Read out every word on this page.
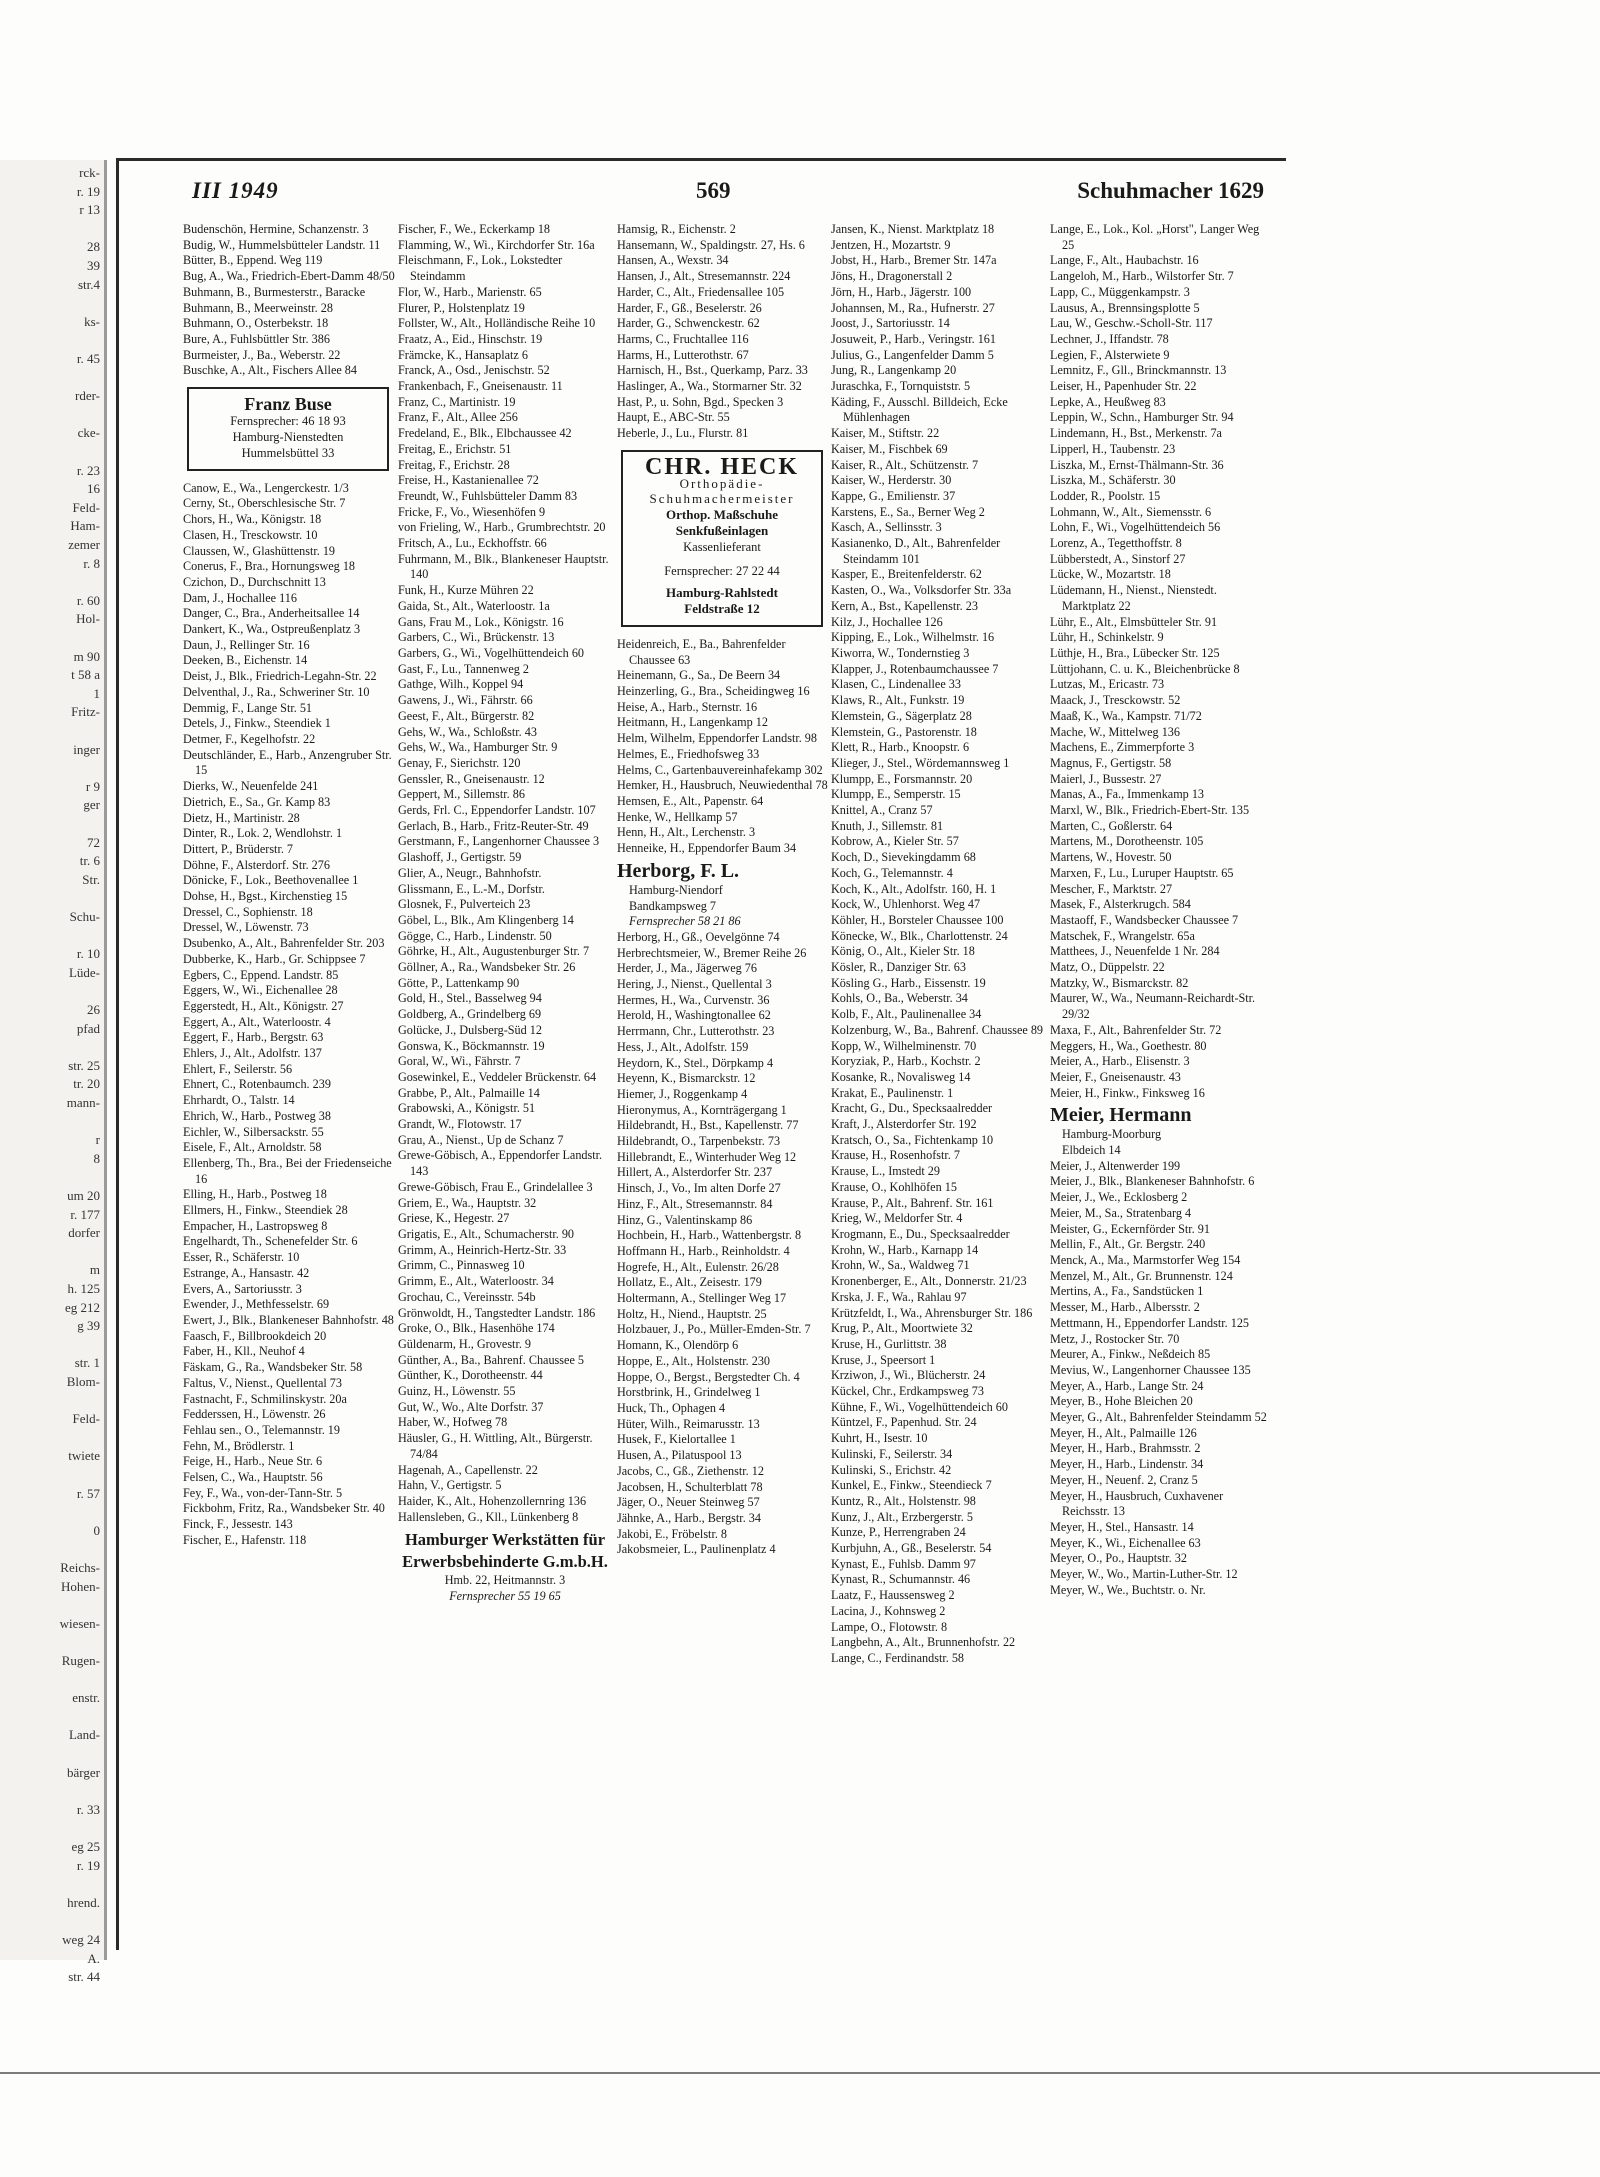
rck-
r. 19
r 13
28
39
str.4
ks-
r. 45
rder-
cke-
r. 23
16
Feld-
Ham-
zemer
r. 8
r. 60
Hol-
m 90
t 58 a
1
Fritz-
inger
r 9
ger
72
tr. 6
Str.
Schu-
r. 10
Lüde-
26
pfad
str. 25
tr. 20
mann-
r
8
um 20
r. 177
dorfer
m
h. 125
eg 212
g 39
str. 1
Blom-
Feld-
twiete
r. 57
0
Reichs-
Hohen-
wiesen-
Rugen-
enstr.
Land-
bärger
r. 33
eg 25
r. 19
hrend.
weg 24
A.
str. 44
III 1949	569	Schuhmacher 1629
Budenschön, Hermine, Schanzenstr. 3
Budig, W., Hummelsbütteler Landstr. 11
Bütter, B., Eppend. Weg 119
Bug, A., Wa., Friedrich-Ebert-Damm 48/50
Buhmann, B., Burmesterstr., Baracke
Buhmann, B., Meerweinstr. 28
Buhmann, O., Osterbekstr. 18
Bure, A., Fuhlsbüttler Str. 386
Burmeister, J., Ba., Weberstr. 22
Buschke, A., Alt., Fischers Allee 84
Franz Buse
Fernsprecher: 46 18 93
Hamburg-Nienstedten
Hummelsbüttel 33
Canow, E., Wa., Lengerckestr. 1/3
Cerny, St., Oberschlesische Str. 7
Chors, H., Wa., Königstr. 18
Clasen, H., Tresckowstr. 10
Claussen, W., Glashüttenstr. 19
Conerus, F., Bra., Hornungsweg 18
Czichon, D., Durchschnitt 13
Dam, J., Hochallee 116
Danger, C., Bra., Anderheitsallee 14
Dankert, K., Wa., Ostpreußenplatz 3
Daun, J., Rellinger Str. 16
Deeken, B., Eichenstr. 14
Deist, J., Blk., Friedrich-Legahn-Str. 22
Delventhal, J., Ra., Schweriner Str. 10
Demmig, F., Lange Str. 51
Detels, J., Finkw., Steendiek 1
Detmer, F., Kegelhofstr. 22
Deutschländer, E., Harb., Anzengruber Str. 15
Dierks, W., Neuenfelde 241
Dietrich, E., Sa., Gr. Kamp 83
Dietz, H., Martinistr. 28
Dinter, R., Lok. 2, Wendlohstr. 1
Dittert, P., Brüderstr. 7
Döhne, F., Alsterdorf. Str. 276
Dönicke, F., Lok., Beethovenallee 1
Dohse, H., Bgst., Kirchenstieg 15
Dressel, C., Sophienstr. 18
Dressel, W., Löwenstr. 73
Dsubenko, A., Alt., Bahrenfelder Str. 203
Dubberke, K., Harb., Gr. Schippsee 7
Egbers, C., Eppend. Landstr. 85
Eggers, W., Wi., Eichenallee 28
Eggerstedt, H., Alt., Königstr. 27
Eggert, A., Alt., Waterloostr. 4
Eggert, F., Harb., Bergstr. 63
Ehlers, J., Alt., Adolfstr. 137
Ehlert, F., Seilerstr. 56
Ehnert, C., Rotenbaumch. 239
Ehrhardt, O., Talstr. 14
Ehrich, W., Harb., Postweg 38
Eichler, W., Silbersackstr. 55
Eisele, F., Alt., Arnoldstr. 58
Ellenberg, Th., Bra., Bei der Friedenseiche 16
Elling, H., Harb., Postweg 18
Ellmers, H., Finkw., Steendiek 28
Empacher, H., Lastropsweg 8
Engelhardt, Th., Schenefelder Str. 6
Esser, R., Schäferstr. 10
Estrange, A., Hansastr. 42
Evers, A., Sartoriusstr. 3
Ewender, J., Methfesselstr. 69
Ewert, J., Blk., Blankeneser Bahnhofstr. 48
Faasch, F., Billbrookdeich 20
Faber, H., Kll., Neuhof 4
Fäskam, G., Ra., Wandsbeker Str. 58
Faltus, V., Nienst., Quellental 73
Fastnacht, F., Schmilinskystr. 20a
Fedderssen, H., Löwenstr. 26
Fehlau sen., O., Telemannstr. 19
Fehn, M., Brödlerstr. 1
Feige, H., Harb., Neue Str. 6
Felsen, C., Wa., Hauptstr. 56
Fey, F., Wa., von-der-Tann-Str. 5
Fickbohm, Fritz, Ra., Wandsbeker Str. 40
Finck, F., Jessestr. 143
Fischer, E., Hafenstr. 118
Fischer, F., We., Eckerkamp 18
Flamming, W., Wi., Kirchdorfer Str. 16a
Fleischmann, F., Lok., Lokstedter Steindamm
Flor, W., Harb., Marienstr. 65
Flurer, P., Holstenplatz 19
Follster, W., Alt., Holländische Reihe 10
Fraatz, A., Eid., Hinschstr. 19
Främcke, K., Hansaplatz 6
Franck, A., Osd., Jenischstr. 52
Frankenbach, F., Gneisenaustr. 11
Franz, C., Martinistr. 19
Franz, F., Alt., Allee 256
Fredeland, E., Blk., Elbchaussee 42
Freitag, E., Erichstr. 51
Freitag, F., Erichstr. 28
Freise, H., Kastanienallee 72
Freundt, W., Fuhlsbütteler Damm 83
Fricke, F., Vo., Wiesenhöfen 9
von Frieling, W., Harb., Grumbrechtstr. 20
Fritsch, A., Lu., Eckhoffstr. 66
Fuhrmann, M., Blk., Blankeneser Hauptstr. 140
Funk, H., Kurze Mühren 22
Gaida, St., Alt., Waterloostr. 1a
Gans, Frau M., Lok., Königstr. 16
Garbers, C., Wi., Brückenstr. 13
Garbers, G., Wi., Vogelhüttendeich 60
Gast, F., Lu., Tannenweg 2
Gathge, Wilh., Koppel 94
Gawens, J., Wi., Fährstr. 66
Geest, F., Alt., Bürgerstr. 82
Gehs, W., Wa., Schloßstr. 43
Gehs, W., Wa., Hamburger Str. 9
Genay, F., Sierichstr. 120
Genssler, R., Gneisenaustr. 12
Geppert, M., Sillemstr. 86
Gerds, Frl. C., Eppendorfer Landstr. 107
Gerlach, B., Harb., Fritz-Reuter-Str. 49
Gerstmann, F., Langenhorner Chaussee 3
Glashoff, J., Gertigstr. 59
Glier, A., Neugr., Bahnhofstr.
Glissmann, E., L.-M., Dorfstr.
Glosnek, F., Pulverteich 23
Göbel, L., Blk., Am Klingenberg 14
Gögge, C., Harb., Lindenstr. 50
Göhrke, H., Alt., Augustenburger Str. 7
Göllner, A., Ra., Wandsbeker Str. 26
Götte, P., Lattenkamp 90
Gold, H., Stel., Basselweg 94
Goldberg, A., Grindelberg 69
Golücke, J., Dulsberg-Süd 12
Gonswa, K., Böckmannstr. 19
Goral, W., Wi., Fährstr. 7
Gosewinkel, E., Veddeler Brückenstr. 64
Grabbe, P., Alt., Palmaille 14
Grabowski, A., Königstr. 51
Grandt, W., Flotowstr. 17
Grau, A., Nienst., Up de Schanz 7
Grewe-Göbisch, A., Eppendorfer Landstr. 143
Grewe-Göbisch, Frau E., Grindelallee 3
Griem, E., Wa., Hauptstr. 32
Griese, K., Hegestr. 27
Grigatis, E., Alt., Schumacherstr. 90
Grimm, A., Heinrich-Hertz-Str. 33
Grimm, C., Pinnasweg 10
Grimm, E., Alt., Waterloostr. 34
Grochau, C., Vereinsstr. 54b
Grönwoldt, H., Tangstedter Landstr. 186
Groke, O., Blk., Hasenhöhe 174
Güldenarm, H., Grovestr. 9
Günther, A., Ba., Bahrenf. Chaussee 5
Günther, K., Dorotheenstr. 44
Guinz, H., Löwenstr. 55
Gut, W., Wo., Alte Dorfstr. 37
Haber, W., Hofweg 78
Häusler, G., H. Wittling, Alt., Bürgerstr. 74/84
Hagenah, A., Capellenstr. 22
Hahn, V., Gertigstr. 5
Haider, K., Alt., Hohenzollernring 136
Hallensleben, G., Kll., Lünkenberg 8
Hamburger Werkstätten für Erwerbsbehinderte G.m.b.H.
Hmb. 22, Heitmannstr. 3
Fernsprecher 55 19 65
Hamsig, R., Eichenstr. 2
Hansemann, W., Spaldingstr. 27, Hs. 6
Hansen, A., Wexstr. 34
Hansen, J., Alt., Stresemannstr. 224
Harder, C., Alt., Friedensallee 105
Harder, F., Gß., Beselerstr. 26
Harder, G., Schwenckestr. 62
Harms, C., Fruchtallee 116
Harms, H., Lutterothstr. 67
Harnisch, H., Bst., Querkamp, Parz. 33
Haslinger, A., Wa., Stormarner Str. 32
Hast, P., u. Sohn, Bgd., Specken 3
Haupt, E., ABC-Str. 55
Heberle, J., Lu., Flurstr. 81
CHR. HECK
Orthopädie-
Schuhmachermeister
Orthop. Maßschuhe
Senkfußeinlagen
Kassenlieferant
Fernsprecher: 27 22 44
Hamburg-Rahlstedt
Feldstraße 12
Heidenreich, E., Ba., Bahrenfelder Chaussee 63
Heinemann, G., Sa., De Beern 34
Heinzerling, G., Bra., Scheidingweg 16
Heise, A., Harb., Sternstr. 16
Heitmann, H., Langenkamp 12
Helm, Wilhelm, Eppendorfer Landstr. 98
Helmes, E., Friedhofsweg 33
Helms, C., Gartenbauvereinhafekamp 302
Hemker, H., Hausbruch, Neuwiedenthal 78
Hemsen, E., Alt., Papenstr. 64
Henke, W., Hellkamp 57
Henn, H., Alt., Lerchenstr. 3
Henneike, H., Eppendorfer Baum 34
Herborg, F. L.
Hamburg-Niendorf
Bandkampsweg 7
Fernsprecher 58 21 86
Herborg, H., Gß., Oevelgönne 74
Herbrechtsmeier, W., Bremer Reihe 26
Herder, J., Ma., Jägerweg 76
Hering, J., Nienst., Quellental 3
Hermes, H., Wa., Curvenstr. 36
Herold, H., Washingtonallee 62
Herrmann, Chr., Lutterothstr. 23
Hess, J., Alt., Adolfstr. 159
Heydorn, K., Stel., Dörpkamp 4
Heyenn, K., Bismarckstr. 12
Hiemer, J., Roggenkamp 4
Hieronymus, A., Kornträgergang 1
Hildebrandt, H., Bst., Kapellenstr. 77
Hildebrandt, O., Tarpenbekstr. 73
Hillebrandt, E., Winterhuder Weg 12
Hillert, A., Alsterdorfer Str. 237
Hinsch, J., Vo., Im alten Dorfe 27
Hinz, F., Alt., Stresemannstr. 84
Hinz, G., Valentinskamp 86
Hochbein, H., Harb., Wattenbergstr. 8
Hoffmann H., Harb., Reinholdstr. 4
Hogrefe, H., Alt., Eulenstr. 26/28
Hollatz, E., Alt., Zeisestr. 179
Holtermann, A., Stellinger Weg 17
Holtz, H., Niend., Hauptstr. 25
Holzbauer, J., Po., Müller-Emden-Str. 7
Homann, K., Olendörp 6
Hoppe, E., Alt., Holstenstr. 230
Hoppe, O., Bergst., Bergstedter Ch. 4
Horstbrink, H., Grindelweg 1
Huck, Th., Ophagen 4
Hüter, Wilh., Reimarusstr. 13
Husek, F., Kielortallee 1
Husen, A., Pilatuspool 13
Jacobs, C., Gß., Ziethenstr. 12
Jacobsen, H., Schulterblatt 78
Jäger, O., Neuer Steinweg 57
Jähnke, A., Harb., Bergstr. 34
Jakobi, E., Fröbelstr. 8
Jakobsmeier, L., Paulinenplatz 4
Jansen, K., Nienst. Marktplatz 18
Jentzen, H., Mozartstr. 9
Jobst, H., Harb., Bremer Str. 147a
Jöns, H., Dragonerstall 2
Jörn, H., Harb., Jägerstr. 100
Johannsen, M., Ra., Hufnerstr. 27
Joost, J., Sartoriusstr. 14
Josuweit, P., Harb., Veringstr. 161
Julius, G., Langenfelder Damm 5
Jung, R., Langenkamp 20
Juraschka, F., Tornquiststr. 5
Käding, F., Ausschl. Billdeich, Ecke Mühlenhagen
Kaiser, M., Stiftstr. 22
Kaiser, M., Fischbek 69
Kaiser, R., Alt., Schützenstr. 7
Kaiser, W., Herderstr. 30
Kappe, G., Emilienstr. 37
Karstens, E., Sa., Berner Weg 2
Kasch, A., Sellinsstr. 3
Kasianenko, D., Alt., Bahrenfelder Steindamm 101
Kasper, E., Breitenfelderstr. 62
Kasten, O., Wa., Volksdorfer Str. 33a
Kern, A., Bst., Kapellenstr. 23
Kilz, J., Hochallee 126
Kipping, E., Lok., Wilhelmstr. 16
Kiworra, W., Tondernstieg 3
Klapper, J., Rotenbaumchaussee 7
Klasen, C., Lindenallee 33
Klaws, R., Alt., Funkstr. 19
Klemstein, G., Sägerplatz 28
Klemstein, G., Pastorenstr. 18
Klett, R., Harb., Knoopstr. 6
Klieger, J., Stel., Wördemannsweg 1
Klumpp, E., Forsmannstr. 20
Klumpp, E., Semperstr. 15
Knittel, A., Cranz 57
Knuth, J., Sillemstr. 81
Kobrow, A., Kieler Str. 57
Koch, D., Sievekingdamm 68
Koch, G., Telemannstr. 4
Koch, K., Alt., Adolfstr. 160, H. 1
Kock, W., Uhlenhorst. Weg 47
Köhler, H., Borsteler Chaussee 100
Könecke, W., Blk., Charlottenstr. 24
König, O., Alt., Kieler Str. 18
Kösler, R., Danziger Str. 63
Kösling G., Harb., Eissenstr. 19
Kohls, O., Ba., Weberstr. 34
Kolb, F., Alt., Paulinenallee 34
Kolzenburg, W., Ba., Bahrenf. Chaussee 89
Kopp, W., Wilhelminenstr. 70
Koryziak, P., Harb., Kochstr. 2
Kosanke, R., Novalisweg 14
Krakat, E., Paulinenstr. 1
Kracht, G., Du., Specksaalredder
Kraft, J., Alsterdorfer Str. 192
Kratsch, O., Sa., Fichtenkamp 10
Krause, H., Rosenhofstr. 7
Krause, L., Imstedt 29
Krause, O., Kohlhöfen 15
Krause, P., Alt., Bahrenf. Str. 161
Krieg, W., Meldorfer Str. 4
Krogmann, E., Du., Specksaalredder
Krohn, W., Harb., Karnapp 14
Krohn, W., Sa., Waldweg 71
Kronenberger, E., Alt., Donnerstr. 21/23
Krska, J. F., Wa., Rahlau 97
Krützfeldt, I., Wa., Ahrensburger Str. 186
Krug, P., Alt., Moortwiete 32
Kruse, H., Gurlittstr. 38
Kruse, J., Speersort 1
Krziwon, J., Wi., Blücherstr. 24
Kückel, Chr., Erdkampsweg 73
Kühne, F., Wi., Vogelhüttendeich 60
Küntzel, F., Papenhud. Str. 24
Kuhrt, H., Isestr. 10
Kulinski, F., Seilerstr. 34
Kulinski, S., Erichstr. 42
Kunkel, E., Finkw., Steendieck 7
Kuntz, R., Alt., Holstenstr. 98
Kunz, J., Alt., Erzbergerstr. 5
Kunze, P., Herrengraben 24
Kurbjuhn, A., Gß., Beselerstr. 54
Kynast, E., Fuhlsb. Damm 97
Kynast, R., Schumannstr. 46
Laatz, F., Haussensweg 2
Lacina, J., Kohnsweg 2
Lampe, O., Flotowstr. 8
Langbehn, A., Alt., Brunnenhofstr. 22
Lange, C., Ferdinandstr. 58
Lange, E., Lok., Kol. „Horst", Langer Weg 25
Lange, F., Alt., Haubachstr. 16
Langeloh, M., Harb., Wilstorfer Str. 7
Lapp, C., Müggenkampstr. 3
Lausus, A., Brennsingsplotte 5
Lau, W., Geschw.-Scholl-Str. 117
Lechner, J., Iffandstr. 78
Legien, F., Alsterwiete 9
Lemnitz, F., Gll., Brinckmannstr. 13
Leiser, H., Papenhuder Str. 22
Lepke, A., Heußweg 83
Leppin, W., Schn., Hamburger Str. 94
Lindemann, H., Bst., Merkenstr. 7a
Lipperl, H., Taubenstr. 23
Liszka, M., Ernst-Thälmann-Str. 36
Liszka, M., Schäferstr. 30
Lodder, R., Poolstr. 15
Lohmann, W., Alt., Siemensstr. 6
Lohn, F., Wi., Vogelhüttendeich 56
Lorenz, A., Tegetthoffstr. 8
Lübberstedt, A., Sinstorf 27
Lücke, W., Mozartstr. 18
Lüdemann, H., Nienst., Nienstedt. Marktplatz 22
Lühr, E., Alt., Elmsbütteler Str. 91
Lühr, H., Schinkelstr. 9
Lüthje, H., Bra., Lübecker Str. 125
Lüttjohann, C. u. K., Bleichenbrücke 8
Lutzas, M., Ericastr. 73
Maack, J., Tresckowstr. 52
Maaß, K., Wa., Kampstr. 71/72
Mache, W., Mittelweg 136
Machens, E., Zimmerpforte 3
Magnus, F., Gertigstr. 58
Maierl, J., Bussestr. 27
Manas, A., Fa., Immenkamp 13
Marxl, W., Blk., Friedrich-Ebert-Str. 135
Marten, C., Goßlerstr. 64
Martens, M., Dorotheenstr. 105
Martens, W., Hovestr. 50
Marxen, F., Lu., Luruper Hauptstr. 65
Mescher, F., Marktstr. 27
Masek, F., Alsterkrugch. 584
Mastaoff, F., Wandsbecker Chaussee 7
Matschek, F., Wrangelstr. 65a
Matthees, J., Neuenfelde 1 Nr. 284
Matz, O., Düppelstr. 22
Matzky, W., Bismarckstr. 82
Maurer, W., Wa., Neumann-Reichardt-Str. 29/32
Maxa, F., Alt., Bahrenfelder Str. 72
Meggers, H., Wa., Goethestr. 80
Meier, A., Harb., Elisenstr. 3
Meier, F., Gneisenaustr. 43
Meier, H., Finkw., Finksweg 16
Meier, Hermann
Hamburg-Moorburg
Elbdeich 14
Meier, J., Altenwerder 199
Meier, J., Blk., Blankeneser Bahnhofstr. 6
Meier, J., We., Ecklosberg 2
Meier, M., Sa., Stratenbarg 4
Meister, G., Eckernförder Str. 91
Mellin, F., Alt., Gr. Bergstr. 240
Menck, A., Ma., Marmstorfer Weg 154
Menzel, M., Alt., Gr. Brunnenstr. 124
Mertins, A., Fa., Sandstücken 1
Messer, M., Harb., Albersstr. 2
Mettmann, H., Eppendorfer Landstr. 125
Metz, J., Rostocker Str. 70
Meurer, A., Finkw., Neßdeich 85
Mevius, W., Langenhorner Chaussee 135
Meyer, A., Harb., Lange Str. 24
Meyer, B., Hohe Bleichen 20
Meyer, G., Alt., Bahrenfelder Steindamm 52
Meyer, H., Alt., Palmaille 126
Meyer, H., Harb., Brahmsstr. 2
Meyer, H., Harb., Lindenstr. 34
Meyer, H., Neuenf. 2, Cranz 5
Meyer, H., Hausbruch, Cuxhavener Reichsstr. 13
Meyer, H., Stel., Hansastr. 14
Meyer, K., Wi., Eichenallee 63
Meyer, O., Po., Hauptstr. 32
Meyer, W., Wo., Martin-Luther-Str. 12
Meyer, W., We., Buchtstr. o. Nr.
